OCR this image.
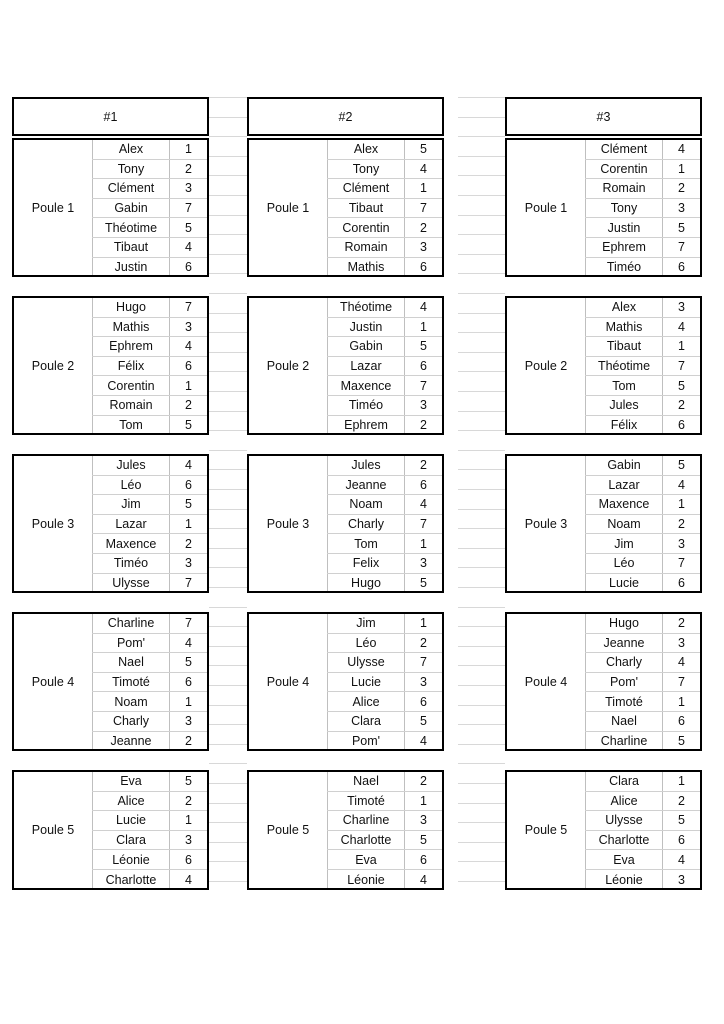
#1
Poule 1
Alex	1
Tony	2
Clément	3
Gabin	7
Théotime	5
Tibaut	4
Justin	6
Poule 2
Hugo	7
Mathis	3
Ephrem	4
Félix	6
Corentin	1
Romain	2
Tom	5
Poule 3
Jules	4
Léo	6
Jim	5
Lazar	1
Maxence	2
Timéo	3
Ulysse	7
Poule 4
Charline	7
Pom'	4
Nael	5
Timoté	6
Noam	1
Charly	3
Jeanne	2
Poule 5
Eva	5
Alice	2
Lucie	1
Clara	3
Léonie	6
Charlotte	4
#2
Poule 1
Alex	5
Tony	4
Clément	1
Tibaut	7
Corentin	2
Romain	3
Mathis	6
Poule 2
Théotime	4
Justin	1
Gabin	5
Lazar	6
Maxence	7
Timéo	3
Ephrem	2
Poule 3
Jules	2
Jeanne	6
Noam	4
Charly	7
Tom	1
Felix	3
Hugo	5
Poule 4
Jim	1
Léo	2
Ulysse	7
Lucie	3
Alice	6
Clara	5
Pom'	4
Poule 5
Nael	2
Timoté	1
Charline	3
Charlotte	5
Eva	6
Léonie	4
#3
Poule 1
Clément	4
Corentin	1
Romain	2
Tony	3
Justin	5
Ephrem	7
Timéo	6
Poule 2
Alex	3
Mathis	4
Tibaut	1
Théotime	7
Tom	5
Jules	2
Félix	6
Poule 3
Gabin	5
Lazar	4
Maxence	1
Noam	2
Jim	3
Léo	7
Lucie	6
Poule 4
Hugo	2
Jeanne	3
Charly	4
Pom'	7
Timoté	1
Nael	6
Charline	5
Poule 5
Clara	1
Alice	2
Ulysse	5
Charlotte	6
Eva	4
Léonie	3
